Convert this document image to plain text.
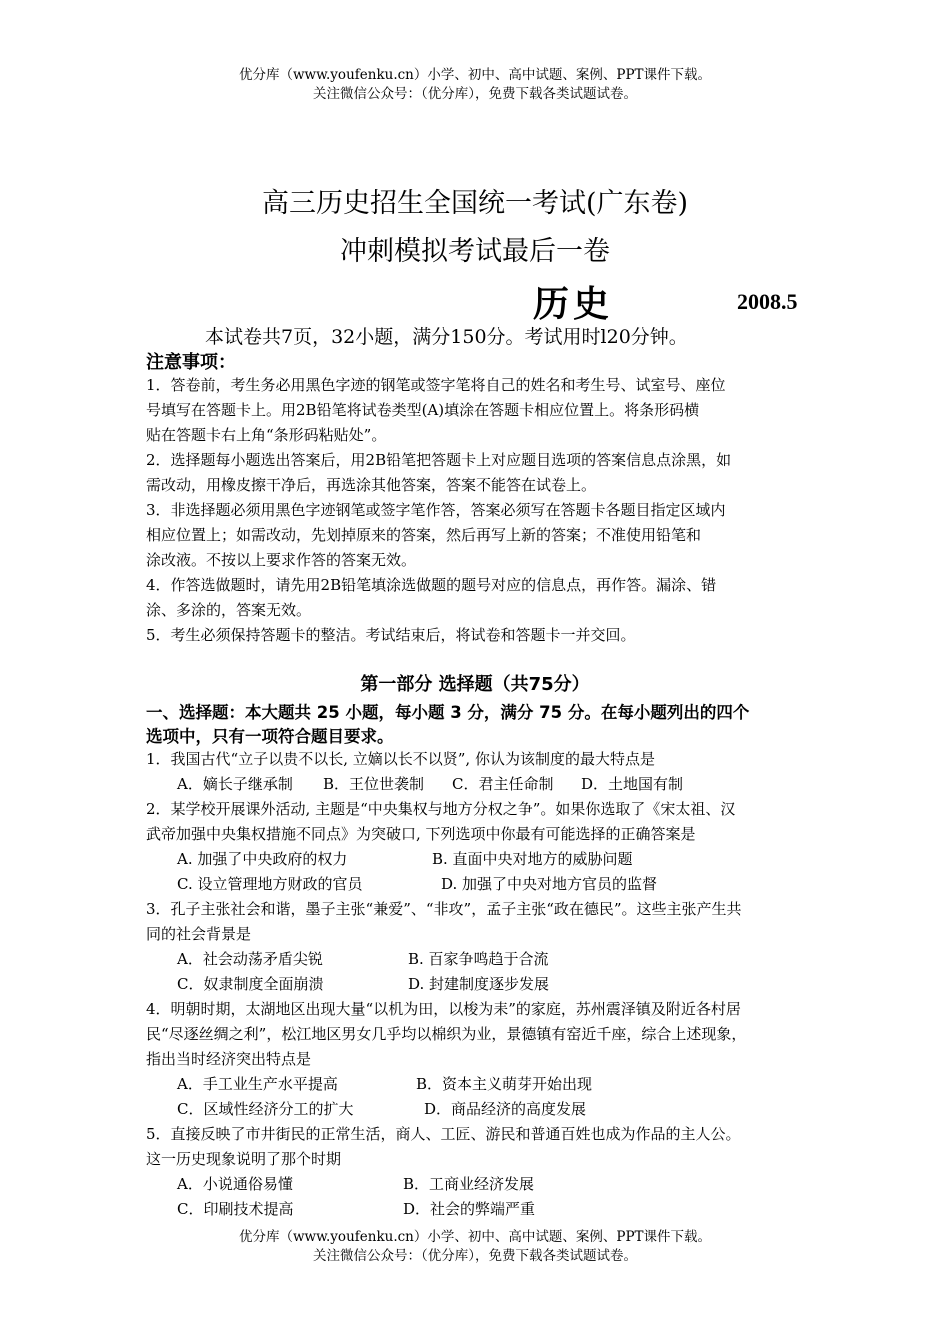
优分库（www.youfenku.cn）小学、初中、高中试题、案例、PPT课件下载。
关注微信公众号：（优分库），免费下载各类试题试卷。
高三历史招生全国统一考试(广东卷)
冲刺模拟考试最后一卷
历史	2008.5
本试卷共7页，32小题，满分150分。考试用时l20分钟。
注意事项：
1．答卷前，考生务必用黑色字迹的钢笔或签字笔将自己的姓名和考生号、试室号、座位
号填写在答题卡上。用2B铅笔将试卷类型(A)填涂在答题卡相应位置上。将条形码横
贴在答题卡右上角“条形码粘贴处”。
2．选择题每小题选出答案后，用2B铅笔把答题卡上对应题目选项的答案信息点涂黑，如
需改动，用橡皮擦干净后，再选涂其他答案，答案不能答在试卷上。
3．非选择题必须用黑色字迹钢笔或签字笔作答，答案必须写在答题卡各题目指定区域内
相应位置上；如需改动，先划掉原来的答案，然后再写上新的答案；不准使用铅笔和
涂改液。不按以上要求作答的答案无效。
4．作答选做题时，请先用2B铅笔填涂选做题的题号对应的信息点，再作答。漏涂、错
涂、多涂的，答案无效。
5．考生必须保持答题卡的整洁。考试结束后，将试卷和答题卡一并交回。
第一部分 选择题（共75分）
一、选择题：本大题共 25 小题，每小题 3 分，满分 75 分。在每小题列出的四个
选项中，只有一项符合题目要求。
1．我国古代“立子以贵不以长, 立嫡以长不以贤”, 你认为该制度的最大特点是
A．嫡长子继承制 B．王位世袭制 C．君主任命制 D．土地国有制
2．某学校开展课外活动, 主题是“中央集权与地方分权之争”。如果你选取了《宋太祖、汉
武帝加强中央集权措施不同点》为突破口, 下列选项中你最有可能选择的正确答案是
A. 加强了中央政府的权力	B. 直面中央对地方的威胁问题
C. 设立管理地方财政的官员	D. 加强了中央对地方官员的监督
3．孔子主张社会和谐，墨子主张“兼爱”、“非攻”，孟子主张“政在德民”。这些主张产生共
同的社会背景是
A．社会动荡矛盾尖锐	B. 百家争鸣趋于合流
C．奴隶制度全面崩溃	D. 封建制度逐步发展
4．明朝时期，太湖地区出现大量“以机为田，以梭为耒”的家庭，苏州震泽镇及附近各村居
民“尽逐丝绸之利”，松江地区男女几乎均以棉织为业，景德镇有窑近千座，综合上述现象，
指出当时经济突出特点是
A．手工业生产水平提高	B．资本主义萌芽开始出现
C．区域性经济分工的扩大	D．商品经济的高度发展
5．直接反映了市井街民的正常生活，商人、工匠、游民和普通百姓也成为作品的主人公。
这一历史现象说明了那个时期
A．小说通俗易懂	B．工商业经济发展
C．印刷技术提高	D．社会的弊端严重
优分库（www.youfenku.cn）小学、初中、高中试题、案例、PPT课件下载。
关注微信公众号：（优分库），免费下载各类试题试卷。
